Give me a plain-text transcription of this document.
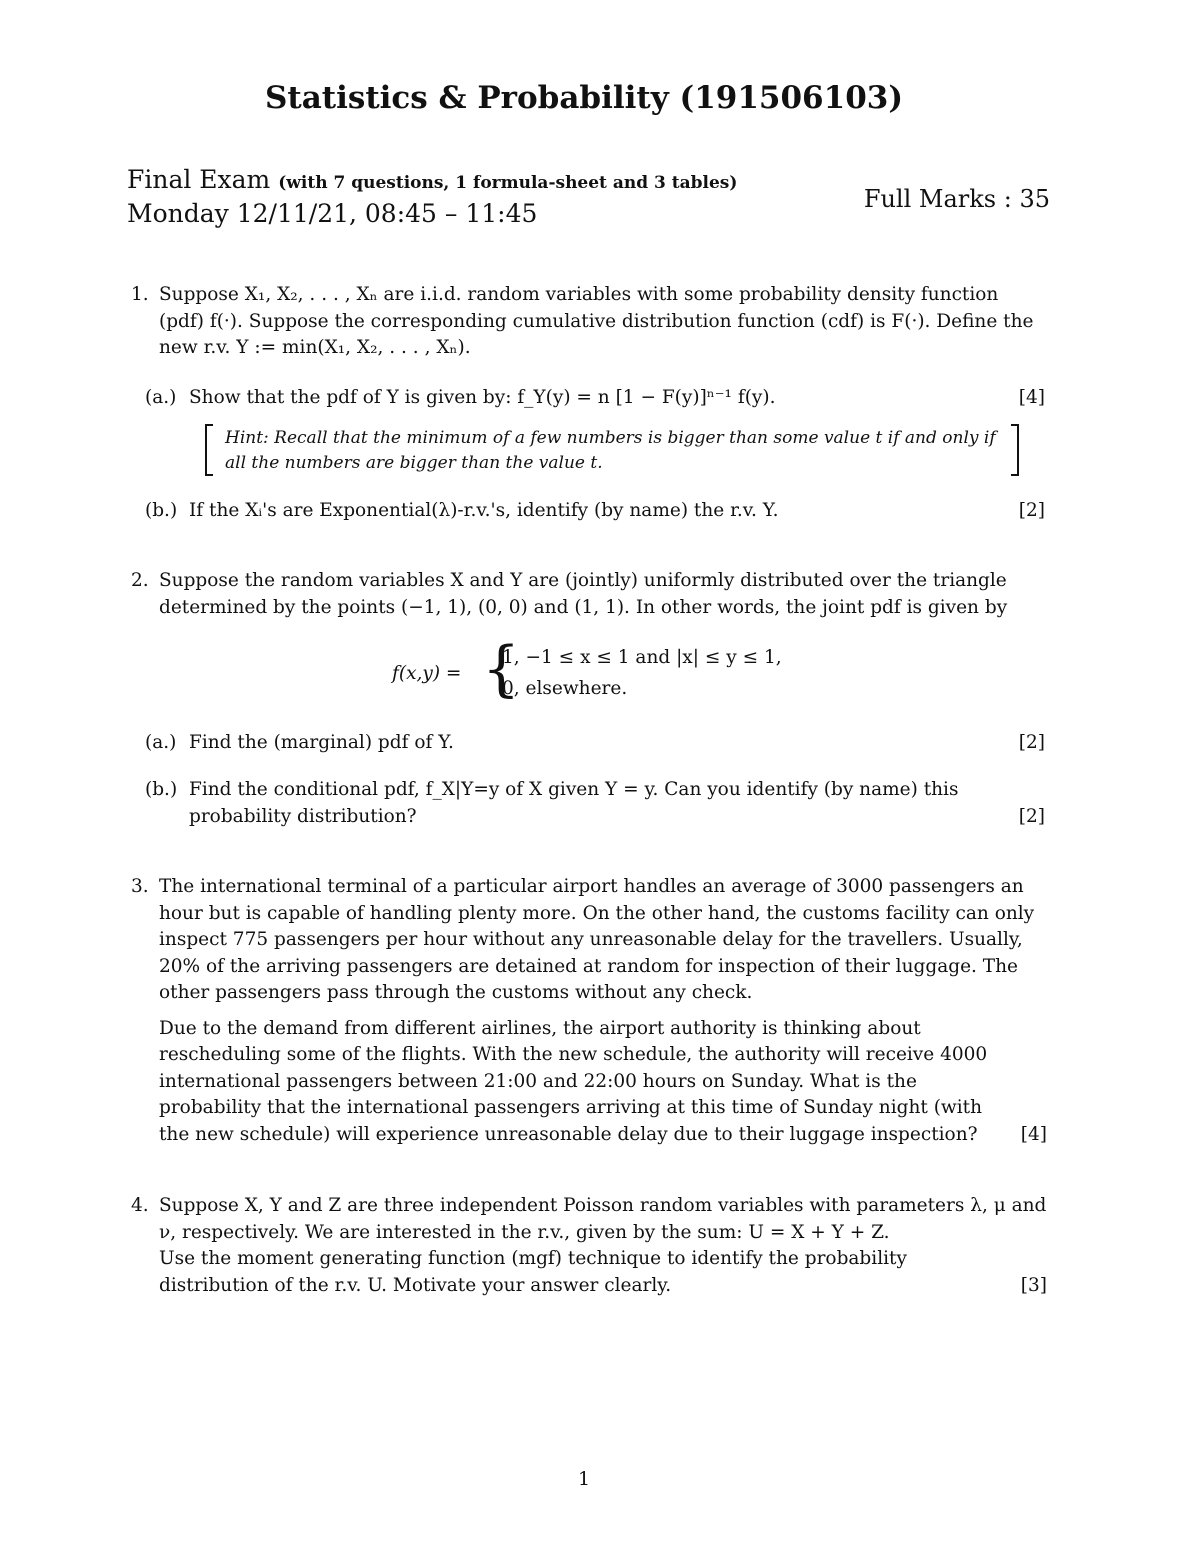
Statistics & Probability (191506103)
Final Exam (with 7 questions, 1 formula-sheet and 3 tables)
Monday 12/11/21, 08:45 – 11:45	Full Marks : 35
1. Suppose X₁, X₂, . . . , Xₙ are i.i.d. random variables with some probability density function (pdf) f(·). Suppose the corresponding cumulative distribution function (cdf) is F(·). Define the new r.v. Y := min(X₁, X₂, . . . , Xₙ).
(a.) Show that the pdf of Y is given by: f_Y(y) = n [1 − F(y)]ⁿ⁻¹ f(y).	[4]
Hint: Recall that the minimum of a few numbers is bigger than some value t if and only if all the numbers are bigger than the value t.
(b.) If the Xᵢ's are Exponential(λ)-r.v.'s, identify (by name) the r.v. Y.	[2]
2. Suppose the random variables X and Y are (jointly) uniformly distributed over the triangle determined by the points (−1, 1), (0, 0) and (1, 1). In other words, the joint pdf is given by
f(x,y) = {
1, −1 ≤ x ≤ 1 and |x| ≤ y ≤ 1,
0, elsewhere.
(a.) Find the (marginal) pdf of Y.	[2]
(b.) Find the conditional pdf, f_X|Y=y of X given Y = y. Can you identify (by name) this probability distribution?	[2]
3. The international terminal of a particular airport handles an average of 3000 passengers an hour but is capable of handling plenty more. On the other hand, the customs facility can only inspect 775 passengers per hour without any unreasonable delay for the travellers. Usually, 20% of the arriving passengers are detained at random for inspection of their luggage. The other passengers pass through the customs without any check.
Due to the demand from different airlines, the airport authority is thinking about rescheduling some of the flights. With the new schedule, the authority will receive 4000 international passengers between 21:00 and 22:00 hours on Sunday. What is the probability that the international passengers arriving at this time of Sunday night (with the new schedule) will experience unreasonable delay due to their luggage inspection?	[4]
4. Suppose X, Y and Z are three independent Poisson random variables with parameters λ, μ and ν, respectively. We are interested in the r.v., given by the sum: U = X + Y + Z.
Use the moment generating function (mgf) technique to identify the probability distribution of the r.v. U. Motivate your answer clearly.	[3]
1
